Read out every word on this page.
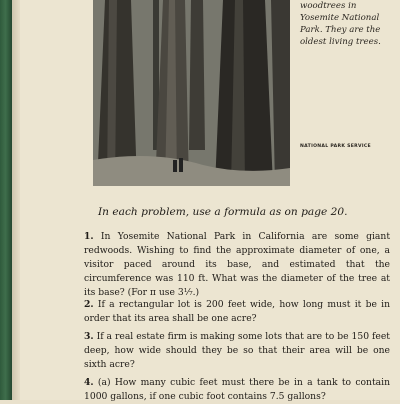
woodtrees in Yosemite National Park. They are the oldest living trees.
NATIONAL PARK SERVICE
In each problem, use a formula as on page 20.
1. In Yosemite National Park in California are some giant redwoods. Wishing to find the approximate diameter of one, a visitor paced around its base, and estimated that the circumference was 110 ft. What was the diameter of the tree at its base? (For π use 3⅐.)
2. If a rectangular lot is 200 feet wide, how long must it be in order that its area shall be one acre?
3. If a real estate firm is making some lots that are to be 150 feet deep, how wide should they be so that their area will be one sixth acre?
4. (a) How many cubic feet must there be in a tank to contain 1000 gallons, if one cubic foot contains 7.5 gallons?
